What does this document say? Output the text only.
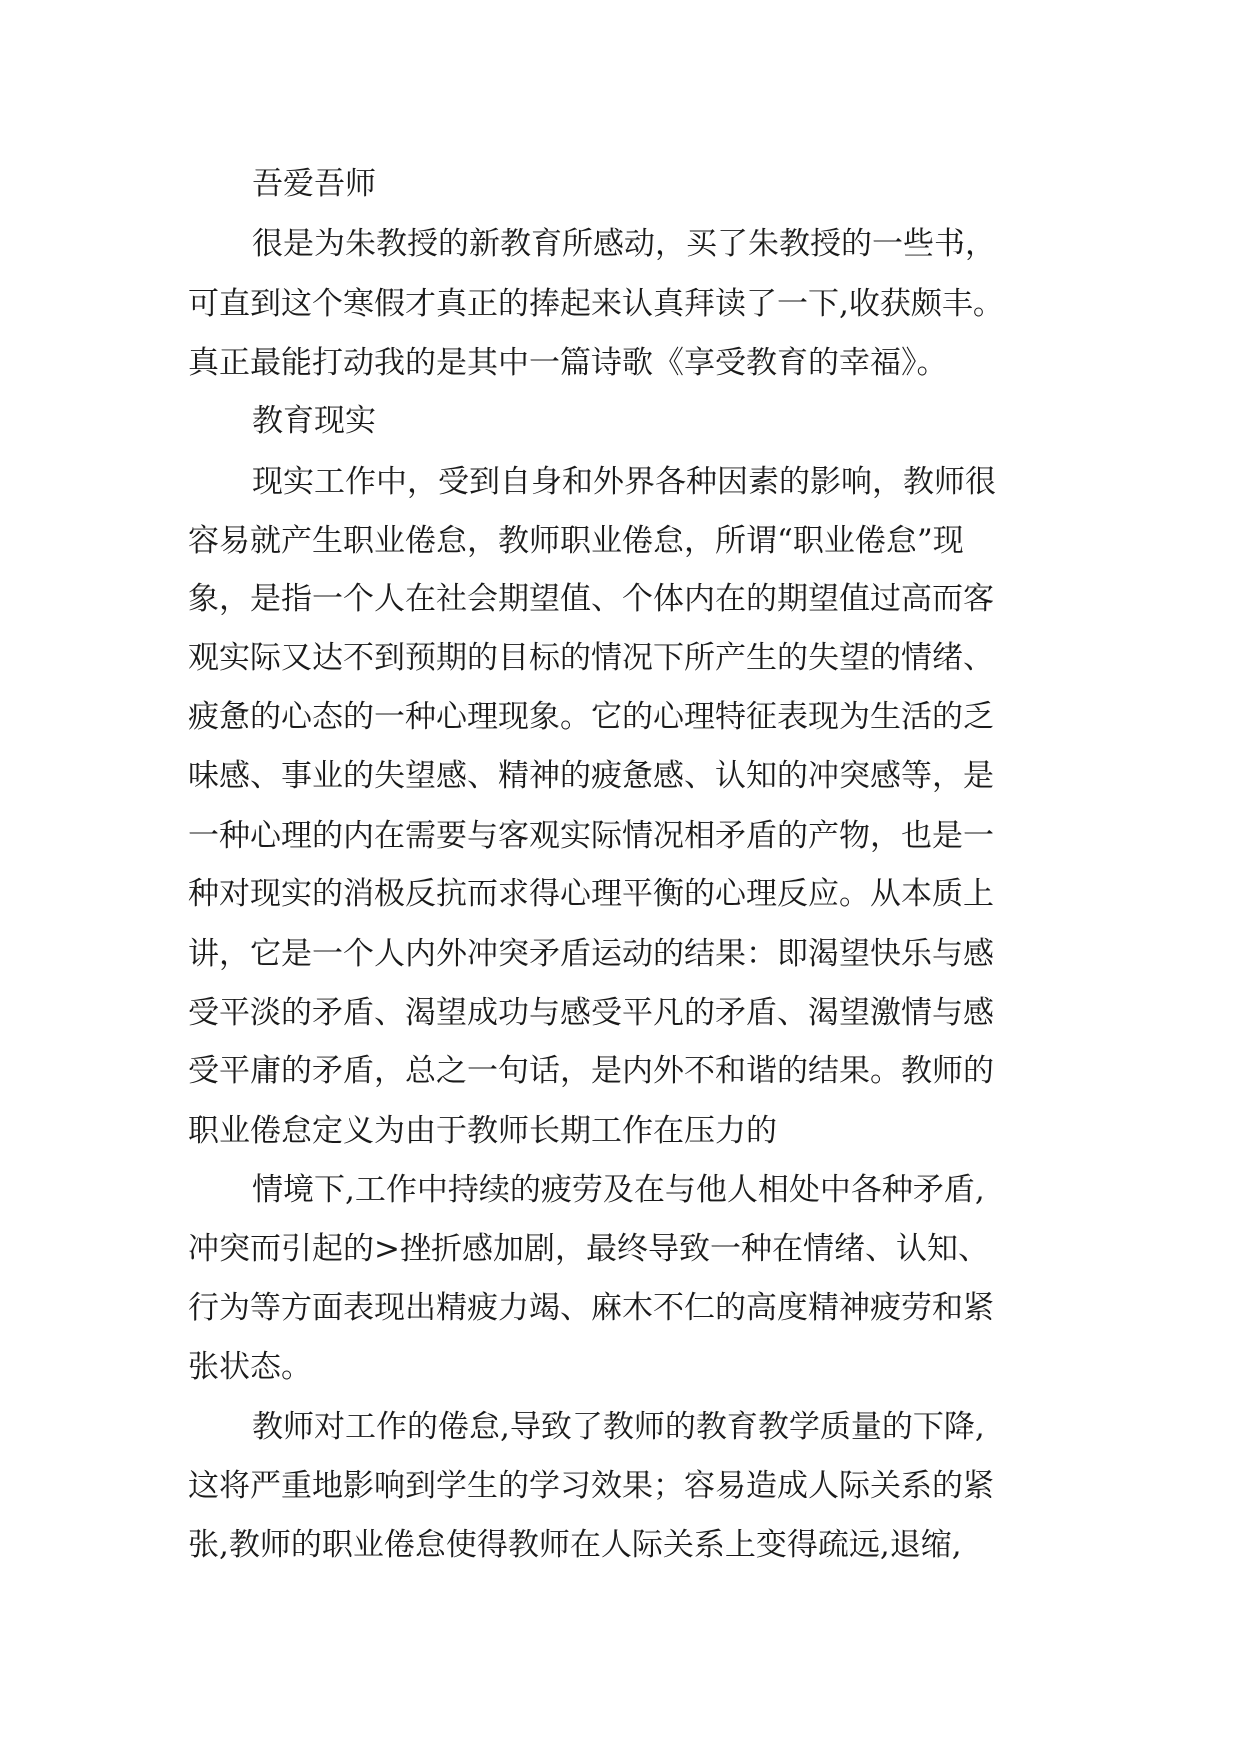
吾爱吾师

很是为朱教授的新教育所感动，买了朱教授的一些书，

可直到这个寒假才真正的捧起来认真拜读了一下,收获颇丰。

真正最能打动我的是其中一篇诗歌《享受教育的幸福》。

教育现实

现实工作中，受到自身和外界各种因素的影响，教师很

容易就产生职业倦怠，教师职业倦怠，所谓“职业倦怠”现

象，是指一个人在社会期望值、个体内在的期望值过高而客

观实际又达不到预期的目标的情况下所产生的失望的情绪、

疲惫的心态的一种心理现象。它的心理特征表现为生活的乏

味感、事业的失望感、精神的疲惫感、认知的冲突感等，是

一种心理的内在需要与客观实际情况相矛盾的产物，也是一

种对现实的消极反抗而求得心理平衡的心理反应。从本质上

讲，它是一个人内外冲突矛盾运动的结果：即渴望快乐与感

受平淡的矛盾、渴望成功与感受平凡的矛盾、渴望激情与感

受平庸的矛盾，总之一句话，是内外不和谐的结果。教师的

职业倦怠定义为由于教师长期工作在压力的

情境下,工作中持续的疲劳及在与他人相处中各种矛盾,

冲突而引起的>挫折感加剧，最终导致一种在情绪、认知、

行为等方面表现出精疲力竭、麻木不仁的高度精神疲劳和紧

张状态。

教师对工作的倦怠,导致了教师的教育教学质量的下降,

这将严重地影响到学生的学习效果；容易造成人际关系的紧

张,教师的职业倦怠使得教师在人际关系上变得疏远,退缩,
